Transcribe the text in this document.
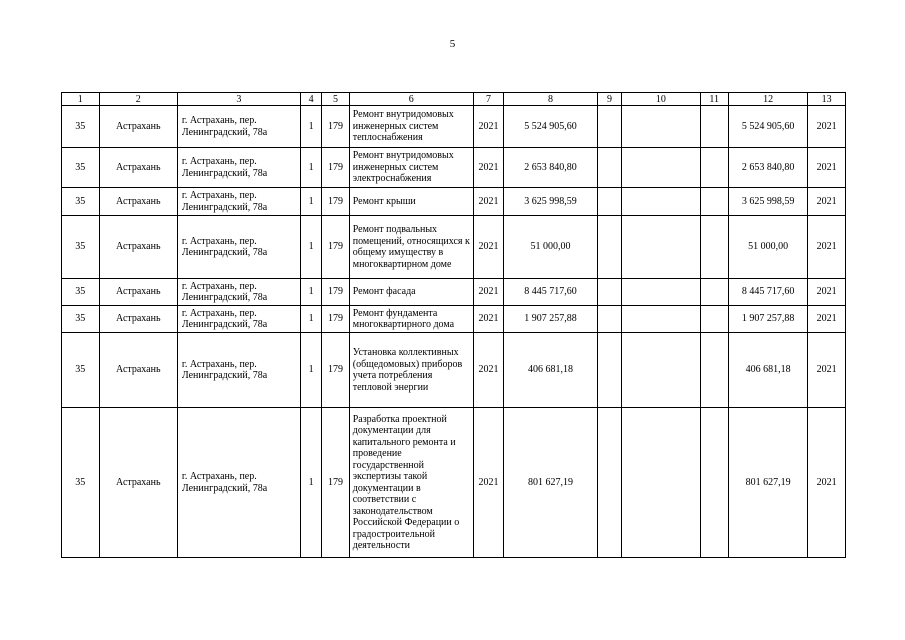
5
1	2	3	4	5	6	7	8	9	10	11	12	13
35	Астрахань	г. Астрахань, пер. Ленинградский, 78а	1	179	Ремонт внутридомовых инженерных систем теплоснабжения	2021	5 524 905,60				5 524 905,60	2021
35	Астрахань	г. Астрахань, пер. Ленинградский, 78а	1	179	Ремонт внутридомовых инженерных систем электроснабжения	2021	2 653 840,80				2 653 840,80	2021
35	Астрахань	г. Астрахань, пер. Ленинградский, 78а	1	179	Ремонт крыши	2021	3 625 998,59				3 625 998,59	2021
35	Астрахань	г. Астрахань, пер. Ленинградский, 78а	1	179	Ремонт подвальных помещений, относящихся к общему имуществу в многоквартирном доме	2021	51 000,00				51 000,00	2021
35	Астрахань	г. Астрахань, пер. Ленинградский, 78а	1	179	Ремонт фасада	2021	8 445 717,60				8 445 717,60	2021
35	Астрахань	г. Астрахань, пер. Ленинградский, 78а	1	179	Ремонт фундамента многоквартирного дома	2021	1 907 257,88				1 907 257,88	2021
35	Астрахань	г. Астрахань, пер. Ленинградский, 78а	1	179	Установка коллективных (общедомовых) приборов учета потребления тепловой энергии	2021	406 681,18				406 681,18	2021
35	Астрахань	г. Астрахань, пер. Ленинградский, 78а	1	179	Разработка проектной документации для капитального ремонта и проведение государственной экспертизы такой документации в соответствии с законодательством Российской Федерации о градостроительной деятельности	2021	801 627,19				801 627,19	2021
